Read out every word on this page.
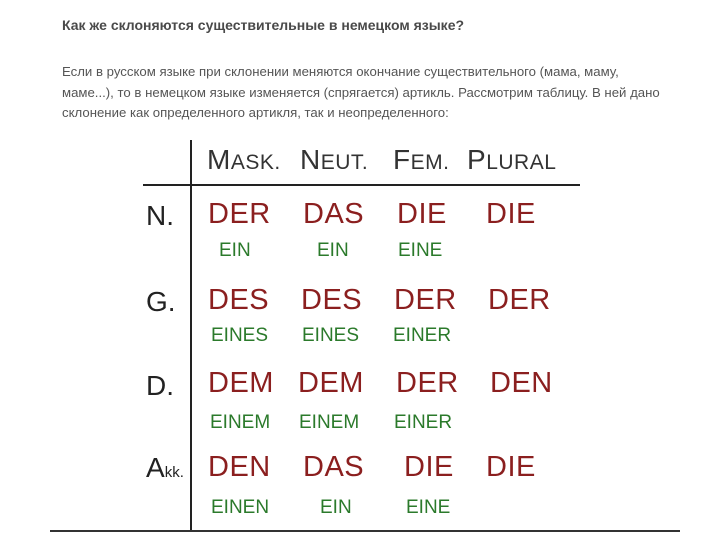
Как же склоняются существительные в немецком языке?

Если в русском языке при склонении меняются окончание существительного (мама, маму,

маме...), то в немецком языке изменяется (спрягается) артикль. Рассмотрим таблицу. В ней дано

склонение как определенного артикля, так и неопределенного:

MASK. NEUT. FEM. PLURAL
N. DER DAS DIE DIE
EIN	EIN	EINE
G. DES DES DER DER
EINES EINES EINER
D. DEM DEM DER DEN
EINEM EINEM EINER
Akk. DEN DAS DIE DIE
EINEN	EIN	EINE
